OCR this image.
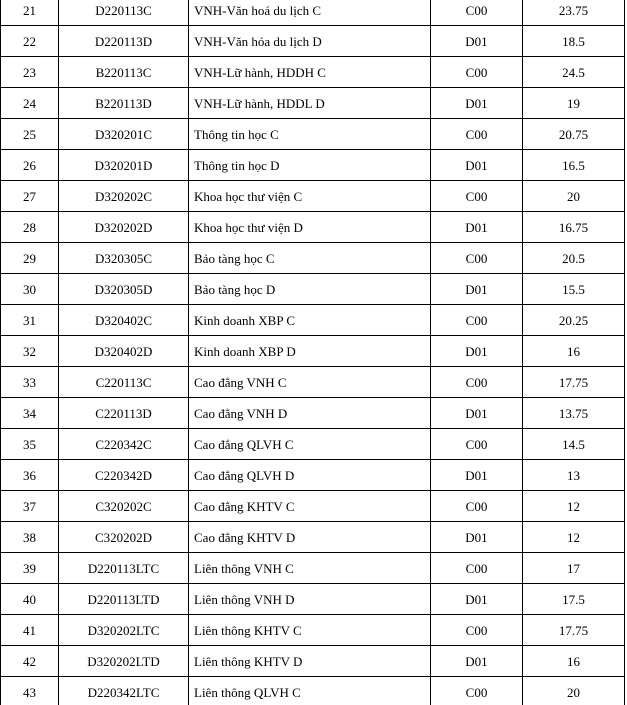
21	D220113C	VNH-Văn hoá du lịch C	C00	23.75
22	D220113D	VNH-Văn hóa du lịch D	D01	18.5
23	B220113C	VNH-Lữ hành, HDDH C	C00	24.5
24	B220113D	VNH-Lữ hành, HDDL D	D01	19
25	D320201C	Thông tin học C	C00	20.75
26	D320201D	Thông tin học D	D01	16.5
27	D320202C	Khoa học thư viện C	C00	20
28	D320202D	Khoa học thư viện D	D01	16.75
29	D320305C	Bảo tàng học C	C00	20.5
30	D320305D	Bảo tàng học D	D01	15.5
31	D320402C	Kinh doanh XBP C	C00	20.25
32	D320402D	Kinh doanh XBP D	D01	16
33	C220113C	Cao đẳng VNH C	C00	17.75
34	C220113D	Cao đẳng VNH D	D01	13.75
35	C220342C	Cao đẳng QLVH C	C00	14.5
36	C220342D	Cao đẳng QLVH D	D01	13
37	C320202C	Cao đẳng KHTV C	C00	12
38	C320202D	Cao đẳng KHTV D	D01	12
39	D220113LTC	Liên thông VNH C	C00	17
40	D220113LTD	Liên thông VNH D	D01	17.5
41	D320202LTC	Liên thông KHTV C	C00	17.75
42	D320202LTD	Liên thông KHTV D	D01	16
43	D220342LTC	Liên thông QLVH C	C00	20
